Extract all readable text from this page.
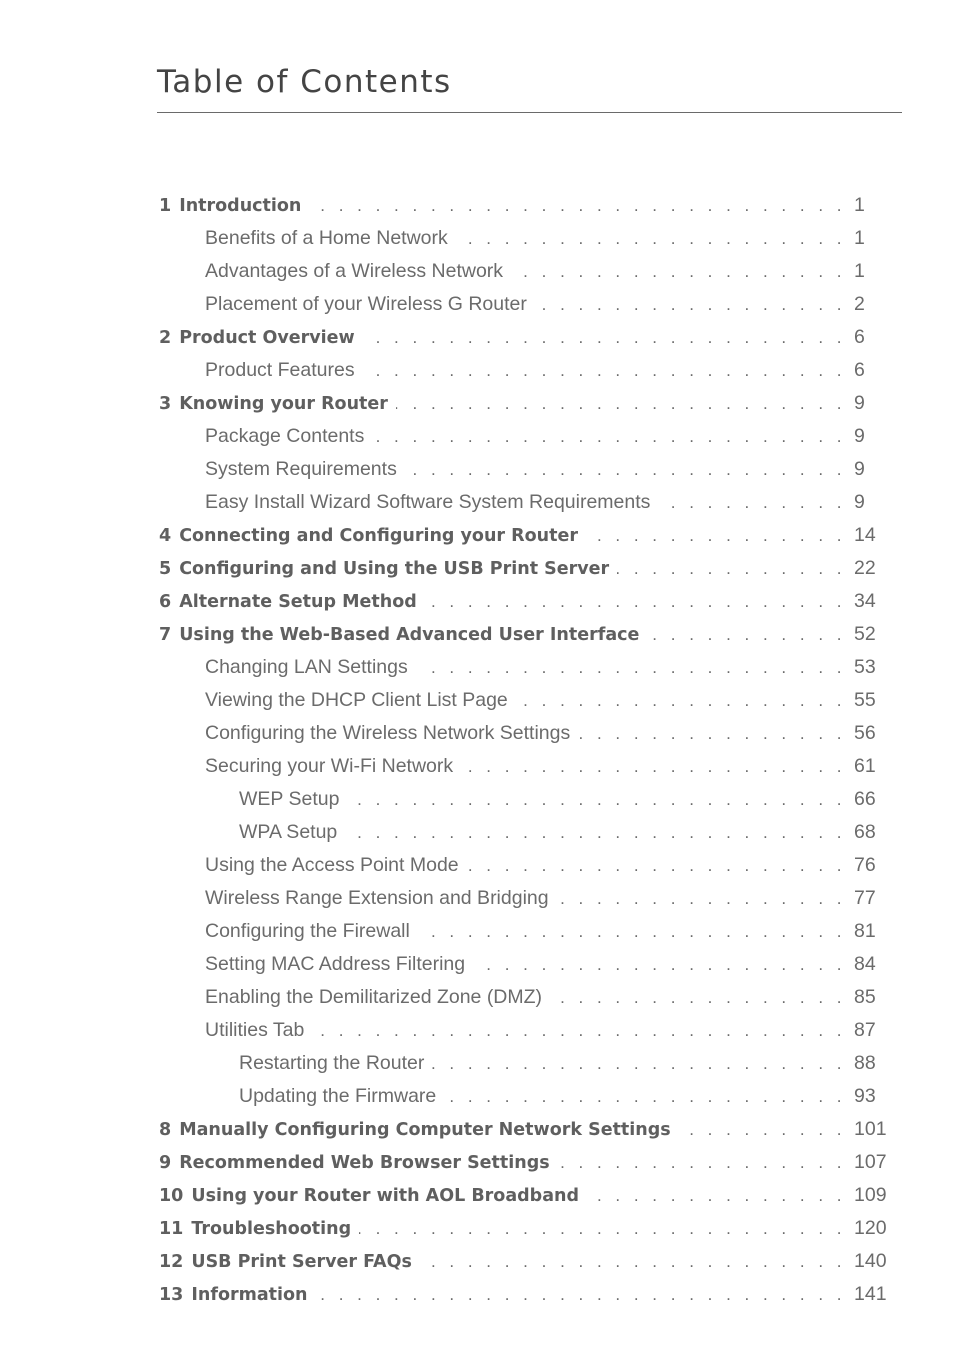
Table of Contents
1 Introduction . . .	1
Benefits of a Home Network . . .	1
Advantages of a Wireless Network . . .	1
Placement of your Wireless G Router . . .	2
2 Product Overview . . .	6
Product Features . . .	6
3 Knowing your Router . . .	9
Package Contents . . .	9
System Requirements . . .	9
Easy Install Wizard Software System Requirements . . .	9
4 Connecting and Configuring your Router . . .	14
5 Configuring and Using the USB Print Server . . .	22
6 Alternate Setup Method . . .	34
7 Using the Web-Based Advanced User Interface . . .	52
Changing LAN Settings . . .	53
Viewing the DHCP Client List Page . . .	55
Configuring the Wireless Network Settings . . .	56
Securing your Wi-Fi Network . . .	61
WEP Setup . . .	66
WPA Setup . . .	68
Using the Access Point Mode . . .	76
Wireless Range Extension and Bridging . . .	77
Configuring the Firewall . . .	81
Setting MAC Address Filtering . . .	84
Enabling the Demilitarized Zone (DMZ) . . .	85
Utilities Tab . . .	87
Restarting the Router . . .	88
Updating the Firmware . . .	93
8 Manually Configuring Computer Network Settings . . .	101
9 Recommended Web Browser Settings . . .	107
10 Using your Router with AOL Broadband . . .	109
11 Troubleshooting . . .	120
12 USB Print Server FAQs . . .	140
13 Information . . .	141
